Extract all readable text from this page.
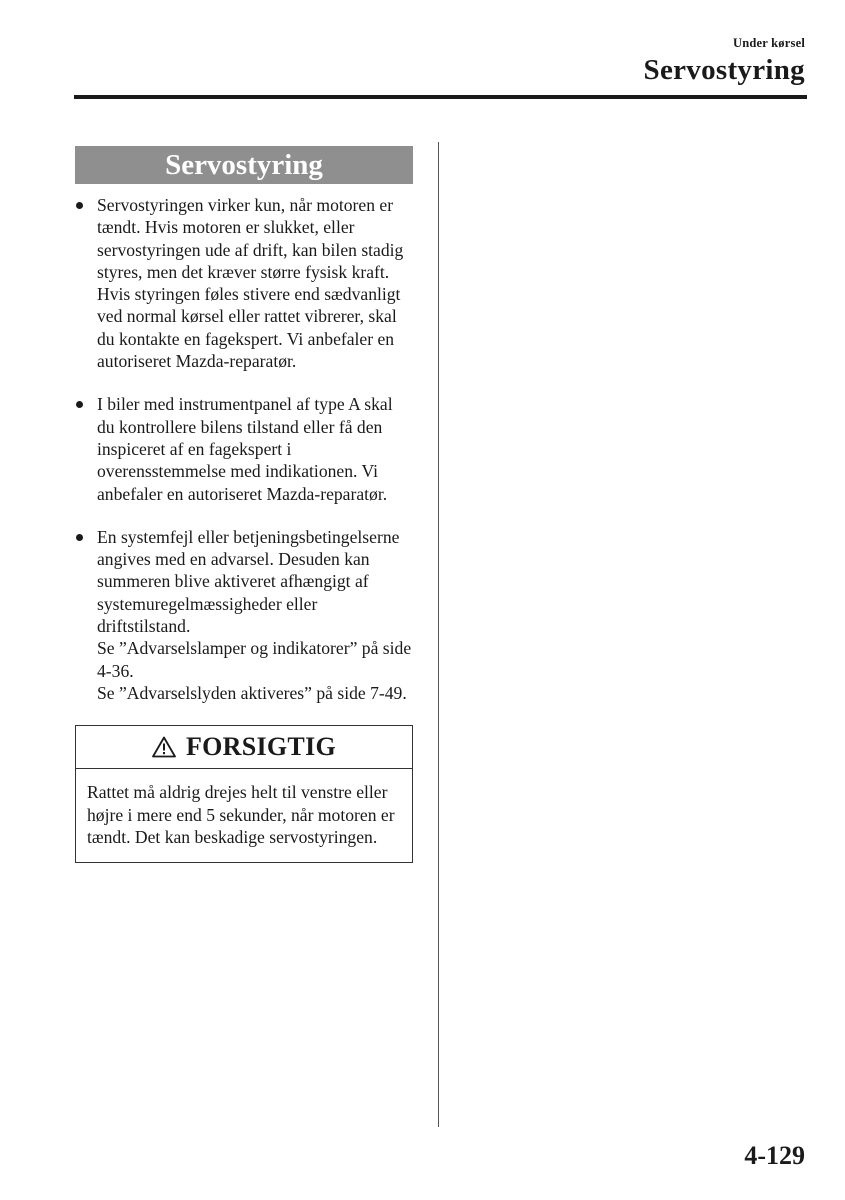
Under kørsel
Servostyring
Servostyring

Servostyringen virker kun, når motoren er tændt. Hvis motoren er slukket, eller servostyringen ude af drift, kan bilen stadig styres, men det kræver større fysisk kraft.

Hvis styringen føles stivere end sædvanligt ved normal kørsel eller rattet vibrerer, skal du kontakte en fagekspert. Vi anbefaler en autoriseret Mazda-reparatør.

I biler med instrumentpanel af type A skal du kontrollere bilens tilstand eller få den inspiceret af en fagekspert i overensstemmelse med indikationen. Vi anbefaler en autoriseret Mazda-reparatør.

En systemfejl eller betjeningsbetingelserne angives med en advarsel. Desuden kan summeren blive aktiveret afhængigt af systemuregelmæssigheder eller driftstilstand.

Se ”Advarselslamper og indikatorer” på side 4-36.

Se ”Advarselslyden aktiveres” på side 7-49.

FORSIGTIG
Rattet må aldrig drejes helt til venstre eller højre i mere end 5 sekunder, når motoren er tændt. Det kan beskadige servostyringen.
4-129
